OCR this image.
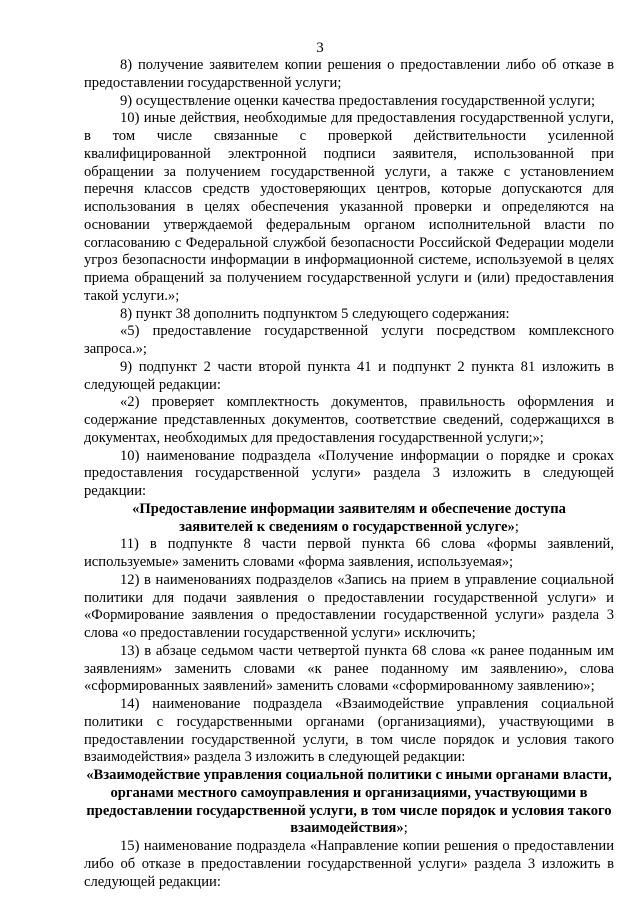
3

8) получение заявителем копии решения о предоставлении либо об отказе в предоставлении государственной услуги;

9) осуществление оценки качества предоставления государственной услуги;

10) иные действия, необходимые для предоставления государственной услуги, в том числе связанные с проверкой действительности усиленной квалифицированной электронной подписи заявителя, использованной при обращении за получением государственной услуги, а также с установлением перечня классов средств удостоверяющих центров, которые допускаются для использования в целях обеспечения указанной проверки и определяются на основании утверждаемой федеральным органом исполнительной власти по согласованию с Федеральной службой безопасности Российской Федерации модели угроз безопасности информации в информационной системе, используемой в целях приема обращений за получением государственной услуги и (или) предоставления такой услуги.»;

8) пункт 38 дополнить подпунктом 5 следующего содержания:

«5) предоставление государственной услуги посредством комплексного запроса.»;

9) подпункт 2 части второй пункта 41 и подпункт 2 пункта 81 изложить в следующей редакции:

«2) проверяет комплектность документов, правильность оформления и содержание представленных документов, соответствие сведений, содержащихся в документах, необходимых для предоставления государственной услуги;»;

10) наименование подраздела «Получение информации о порядке и сроках предоставления государственной услуги» раздела 3 изложить в следующей редакции:

«Предоставление информации заявителям и обеспечение доступа заявителей к сведениям о государственной услуге»;

11) в подпункте 8 части первой пункта 66 слова «формы заявлений, используемые» заменить словами «форма заявления, используемая»;

12) в наименованиях подразделов «Запись на прием в управление социальной политики для подачи заявления о предоставлении государственной услуги» и «Формирование заявления о предоставлении государственной услуги» раздела 3 слова «о предоставлении государственной услуги» исключить;

13) в абзаце седьмом части четвертой пункта 68 слова «к ранее поданным им заявлениям» заменить словами «к ранее поданному им заявлению», слова «сформированных заявлений» заменить словами «сформированному заявлению»;

14) наименование подраздела «Взаимодействие управления социальной политики с государственными органами (организациями), участвующими в предоставлении государственной услуги, в том числе порядок и условия такого взаимодействия» раздела 3 изложить в следующей редакции:

«Взаимодействие управления социальной политики с иными органами власти, органами местного самоуправления и организациями, участвующими в предоставлении государственной услуги, в том числе порядок и условия такого взаимодействия»;

15) наименование подраздела «Направление копии решения о предоставлении либо об отказе в предоставлении государственной услуги» раздела 3 изложить в следующей редакции:
